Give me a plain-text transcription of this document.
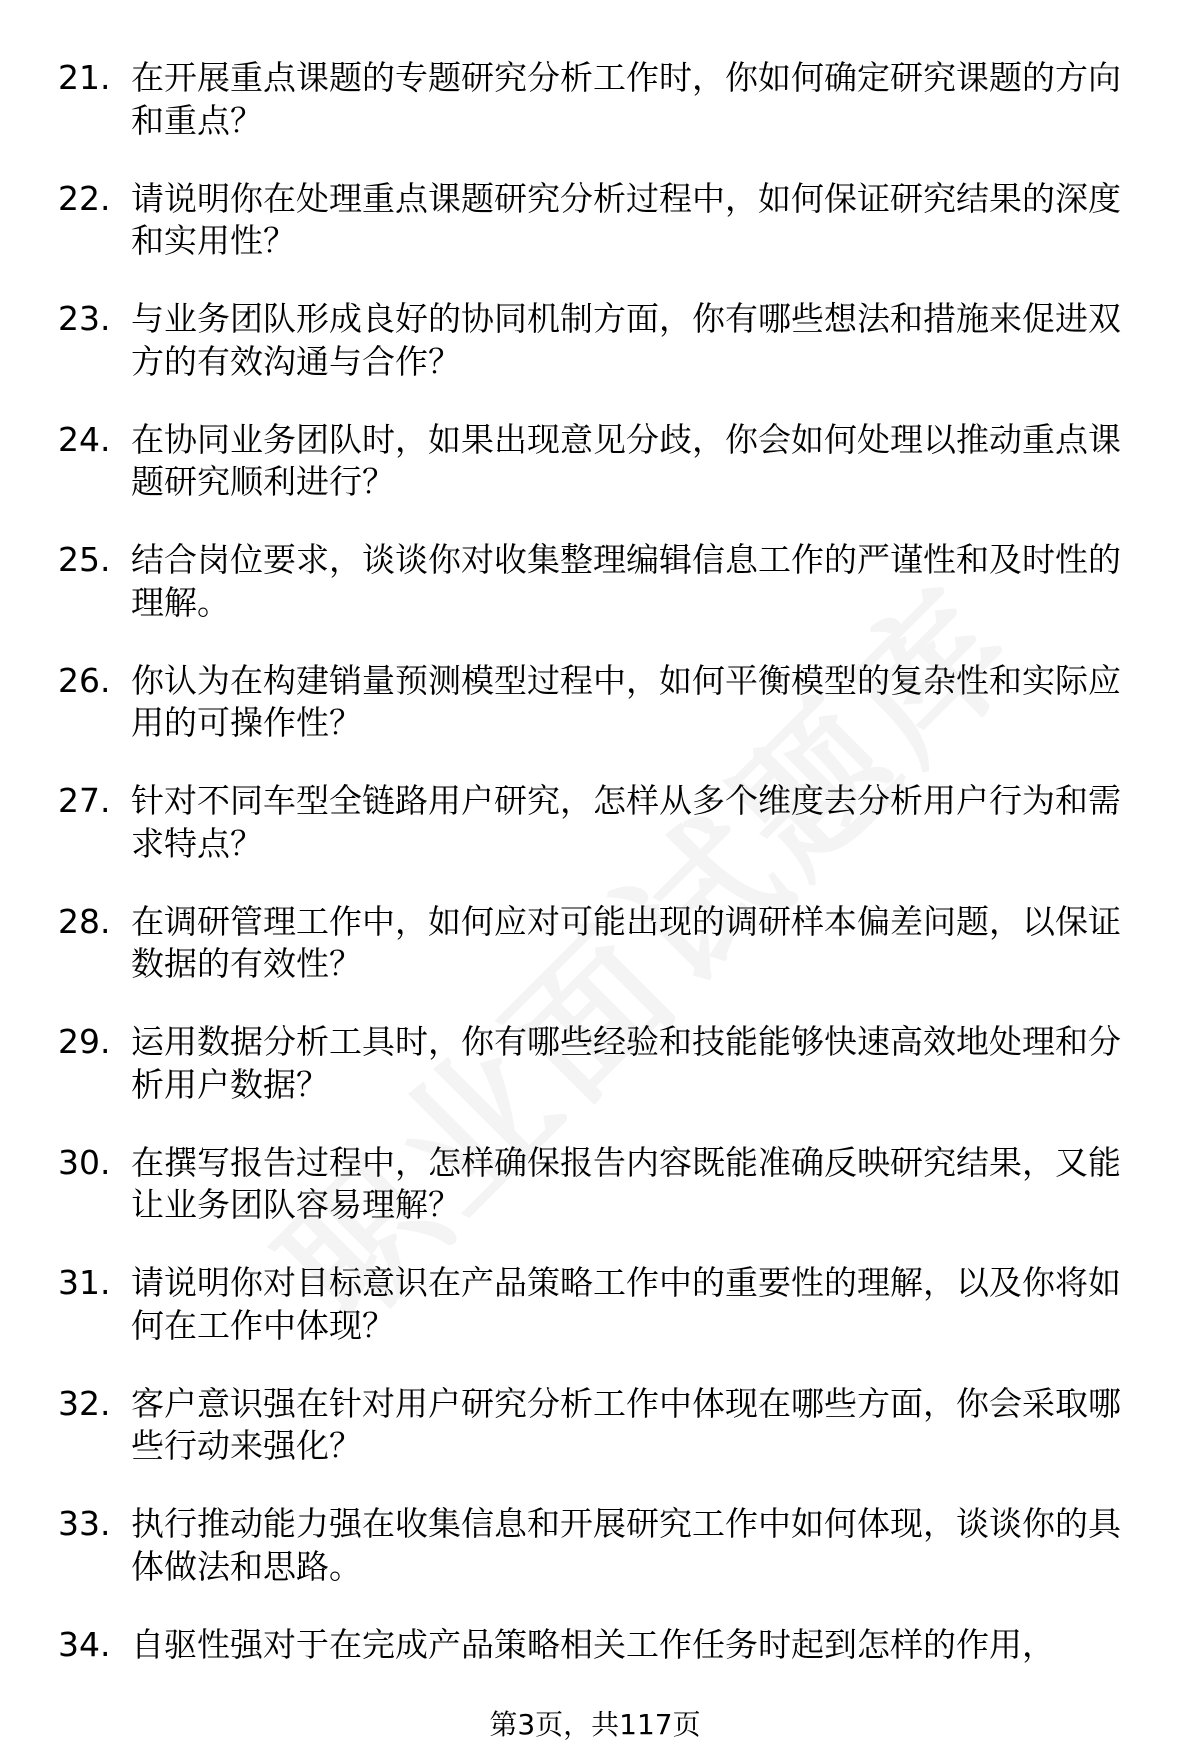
21. 在开展重点课题的专题研究分析工作时，你如何确定研究课题的方向和重点？
22. 请说明你在处理重点课题研究分析过程中，如何保证研究结果的深度和实用性？
23. 与业务团队形成良好的协同机制方面，你有哪些想法和措施来促进双方的有效沟通与合作？
24. 在协同业务团队时，如果出现意见分歧，你会如何处理以推动重点课题研究顺利进行？
25. 结合岗位要求，谈谈你对收集整理编辑信息工作的严谨性和及时性的理解。
26. 你认为在构建销量预测模型过程中，如何平衡模型的复杂性和实际应用的可操作性？
27. 针对不同车型全链路用户研究，怎样从多个维度去分析用户行为和需求特点？
28. 在调研管理工作中，如何应对可能出现的调研样本偏差问题，以保证数据的有效性？
29. 运用数据分析工具时，你有哪些经验和技能能够快速高效地处理和分析用户数据？
30. 在撰写报告过程中，怎样确保报告内容既能准确反映研究结果，又能让业务团队容易理解？
31. 请说明你对目标意识在产品策略工作中的重要性的理解，以及你将如何在工作中体现？
32. 客户意识强在针对用户研究分析工作中体现在哪些方面，你会采取哪些行动来强化？
33. 执行推动能力强在收集信息和开展研究工作中如何体现，谈谈你的具体做法和思路。
34. 自驱性强对于在完成产品策略相关工作任务时起到怎样的作用，
第3页，共117页
